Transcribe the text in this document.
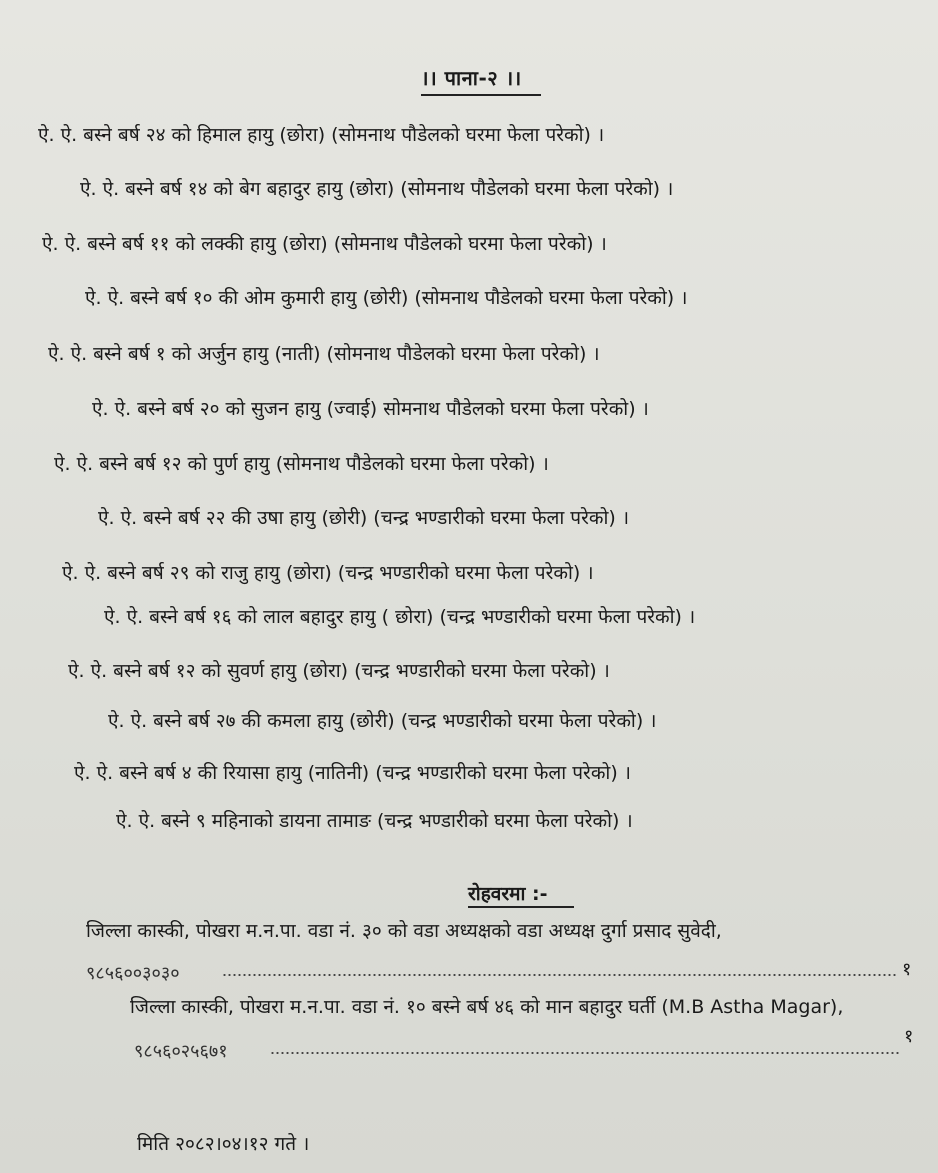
।। पाना-२ ।।
ऐ. ऐ. बस्ने बर्ष २४ को हिमाल हायु (छोरा) (सोमनाथ पौडेलको घरमा फेला परेको) ।
ऐ. ऐ. बस्ने बर्ष १४ को बेग बहादुर हायु (छोरा) (सोमनाथ पौडेलको घरमा फेला परेको) ।
ऐ. ऐ. बस्ने बर्ष ११ को लक्की हायु (छोरा) (सोमनाथ पौडेलको घरमा फेला परेको) ।
ऐ. ऐ. बस्ने बर्ष १० की ओम कुमारी हायु (छोरी) (सोमनाथ पौडेलको घरमा फेला परेको) ।
ऐ. ऐ. बस्ने बर्ष १ को अर्जुन हायु (नाती) (सोमनाथ पौडेलको घरमा फेला परेको) ।
ऐ. ऐ. बस्ने बर्ष २० को सुजन हायु (ज्वाई) सोमनाथ पौडेलको घरमा फेला परेको) ।
ऐ. ऐ. बस्ने बर्ष १२ को पुर्ण हायु (सोमनाथ पौडेलको घरमा फेला परेको) ।
ऐ. ऐ. बस्ने बर्ष २२ की उषा हायु (छोरी) (चन्द्र भण्डारीको घरमा फेला परेको) ।
ऐ. ऐ. बस्ने बर्ष २९ को राजु हायु (छोरा) (चन्द्र भण्डारीको घरमा फेला परेको) ।
ऐ. ऐ. बस्ने बर्ष १६ को लाल बहादुर हायु ( छोरा) (चन्द्र भण्डारीको घरमा फेला परेको) ।
ऐ. ऐ. बस्ने बर्ष १२ को सुवर्ण हायु (छोरा) (चन्द्र भण्डारीको घरमा फेला परेको) ।
ऐ. ऐ. बस्ने बर्ष २७ की कमला हायु (छोरी) (चन्द्र भण्डारीको घरमा फेला परेको) ।
ऐ. ऐ. बस्ने बर्ष ४ की रियासा हायु (नातिनी) (चन्द्र भण्डारीको घरमा फेला परेको) ।
ऐ. ऐ. बस्ने ९ महिनाको डायना तामाङ (चन्द्र भण्डारीको घरमा फेला परेको) ।
रोहवरमा :-
जिल्ला कास्की, पोखरा म.न.पा. वडा नं. ३० को वडा अध्यक्षको वडा अध्यक्ष दुर्गा प्रसाद सुवेदी,
९८५६००३०३०	१
जिल्ला कास्की, पोखरा म.न.पा. वडा नं. १० बस्ने बर्ष ४६ को मान बहादुर घर्ती (M.B Astha Magar),
९८५६०२५६७१
१
मिति २०८२।०४।१२ गते ।
